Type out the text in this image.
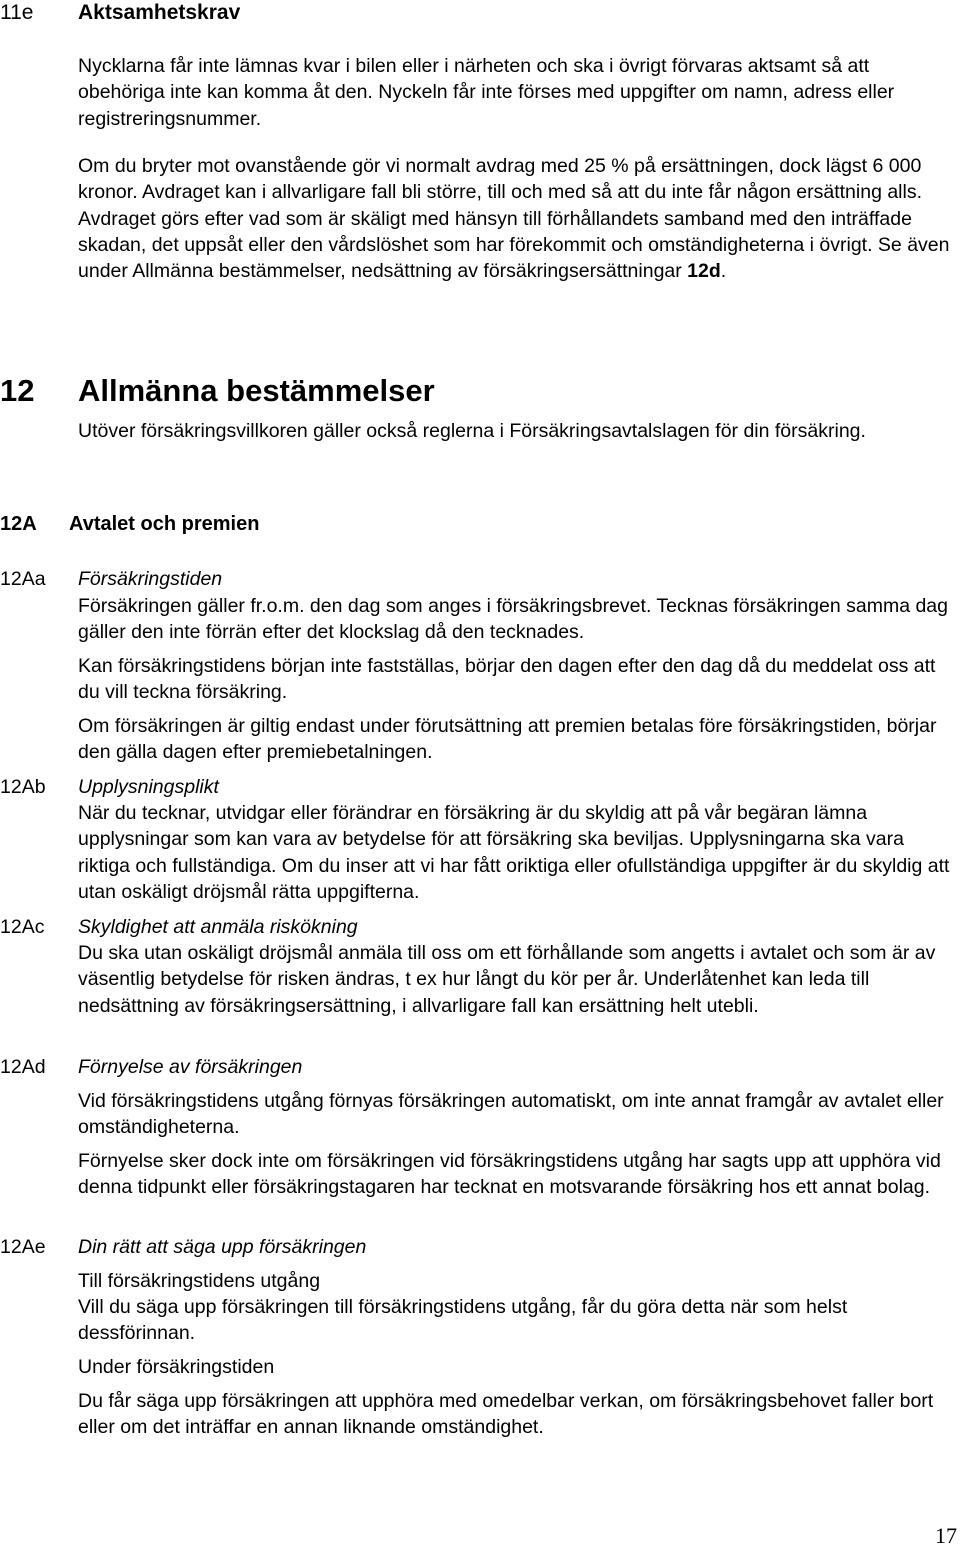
11e Aktsamhetskrav

Nycklarna får inte lämnas kvar i bilen eller i närheten och ska i övrigt förvaras aktsamt så att obehöriga inte kan komma åt den. Nyckeln får inte förses med uppgifter om namn, adress eller registreringsnummer.

Om du bryter mot ovanstående gör vi normalt avdrag med 25 % på ersättningen, dock lägst 6 000 kronor. Avdraget kan i allvarligare fall bli större, till och med så att du inte får någon ersättning alls. Avdraget görs efter vad som är skäligt med hänsyn till förhållandets samband med den inträffade skadan, det uppsåt eller den vårdslöshet som har förekommit och omständigheterna i övrigt. Se även under Allmänna bestämmelser, nedsättning av försäkringsersättningar 12d.

12 Allmänna bestämmelser

Utöver försäkringsvillkoren gäller också reglerna i Försäkringsavtalslagen för din försäkring.

12A Avtalet och premien
12Aa Försäkringstiden

Försäkringen gäller fr.o.m. den dag som anges i försäkringsbrevet. Tecknas försäkringen samma dag gäller den inte förrän efter det klockslag då den tecknades.

Kan försäkringstidens början inte fastställas, börjar den dagen efter den dag då du meddelat oss att du vill teckna försäkring.

Om försäkringen är giltig endast under förutsättning att premien betalas före försäkringstiden, börjar den gälla dagen efter premiebetalningen.

12Ab Upplysningsplikt

När du tecknar, utvidgar eller förändrar en försäkring är du skyldig att på vår begäran lämna upplysningar som kan vara av betydelse för att försäkring ska beviljas. Upplysningarna ska vara riktiga och fullständiga. Om du inser att vi har fått oriktiga eller ofullständiga uppgifter är du skyldig att utan oskäligt dröjsmål rätta uppgifterna.

12Ac Skyldighet att anmäla riskökning

Du ska utan oskäligt dröjsmål anmäla till oss om ett förhållande som angetts i avtalet och som är av väsentlig betydelse för risken ändras, t ex hur långt du kör per år. Underlåtenhet kan leda till nedsättning av försäkringsersättning, i allvarligare fall kan ersättning helt utebli.

12Ad Förnyelse av försäkringen

Vid försäkringstidens utgång förnyas försäkringen automatiskt, om inte annat framgår av avtalet eller omständigheterna.

Förnyelse sker dock inte om försäkringen vid försäkringstidens utgång har sagts upp att upphöra vid denna tidpunkt eller försäkringstagaren har tecknat en motsvarande försäkring hos ett annat bolag.

12Ae Din rätt att säga upp försäkringen

Till försäkringstidens utgång

Vill du säga upp försäkringen till försäkringstidens utgång, får du göra detta när som helst dessförinnan.

Under försäkringstiden

Du får säga upp försäkringen att upphöra med omedelbar verkan, om försäkringsbehovet faller bort eller om det inträffar en annan liknande omständighet.

17
